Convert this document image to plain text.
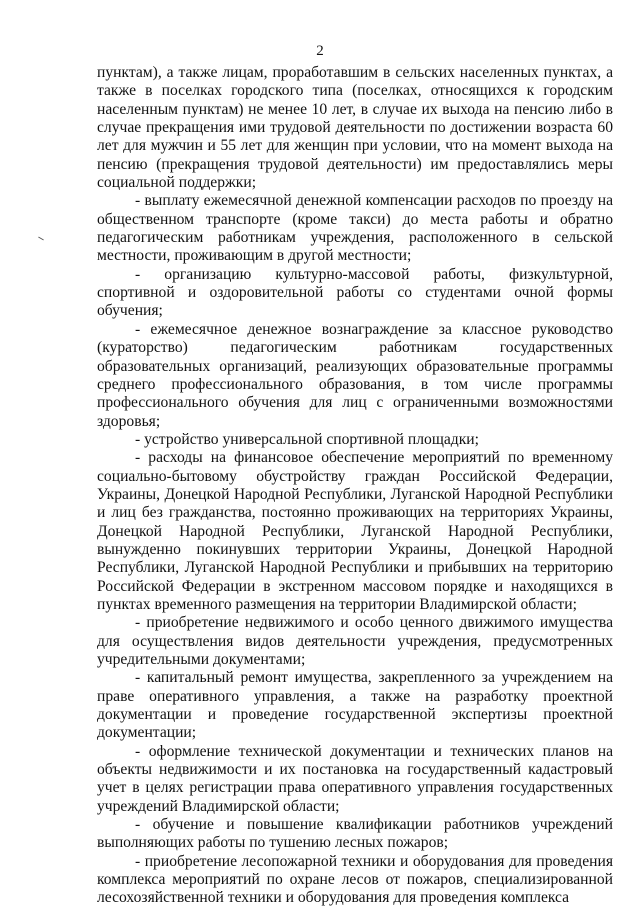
2

пунктам), а также лицам, проработавшим в сельских населенных пунктах, а также в поселках городского типа (поселках, относящихся к городским населенным пунктам) не менее 10 лет, в случае их выхода на пенсию либо в случае прекращения ими трудовой деятельности по достижении возраста 60 лет для мужчин и 55 лет для женщин при условии, что на момент выхода на пенсию (прекращения трудовой деятельности) им предоставлялись меры социальной поддержки;

- выплату ежемесячной денежной компенсации расходов по проезду на общественном транспорте (кроме такси) до места работы и обратно педагогическим работникам учреждения, расположенного в сельской местности, проживающим в другой местности;

- организацию культурно-массовой работы, физкультурной, спортивной и оздоровительной работы со студентами очной формы обучения;

- ежемесячное денежное вознаграждение за классное руководство (кураторство) педагогическим работникам государственных образовательных организаций, реализующих образовательные программы среднего профессионального образования, в том числе программы профессионального обучения для лиц с ограниченными возможностями здоровья;

- устройство универсальной спортивной площадки;

- расходы на финансовое обеспечение мероприятий по временному социально-бытовому обустройству граждан Российской Федерации, Украины, Донецкой Народной Республики, Луганской Народной Республики и лиц без гражданства, постоянно проживающих на территориях Украины, Донецкой Народной Республики, Луганской Народной Республики, вынужденно покинувших территории Украины, Донецкой Народной Республики, Луганской Народной Республики и прибывших на территорию Российской Федерации в экстренном массовом порядке и находящихся в пунктах временного размещения на территории Владимирской области;

- приобретение недвижимого и особо ценного движимого имущества для осуществления видов деятельности учреждения, предусмотренных учредительными документами;

- капитальный ремонт имущества, закрепленного за учреждением на праве оперативного управления, а также на разработку проектной документации и проведение государственной экспертизы проектной документации;

- оформление технической документации и технических планов на объекты недвижимости и их постановка на государственный кадастровый учет в целях регистрации права оперативного управления государственных учреждений Владимирской области;

- обучение и повышение квалификации работников учреждений выполняющих работы по тушению лесных пожаров;

- приобретение лесопожарной техники и оборудования для проведения комплекса мероприятий по охране лесов от пожаров, специализированной лесохозяйственной техники и оборудования для проведения комплекса
